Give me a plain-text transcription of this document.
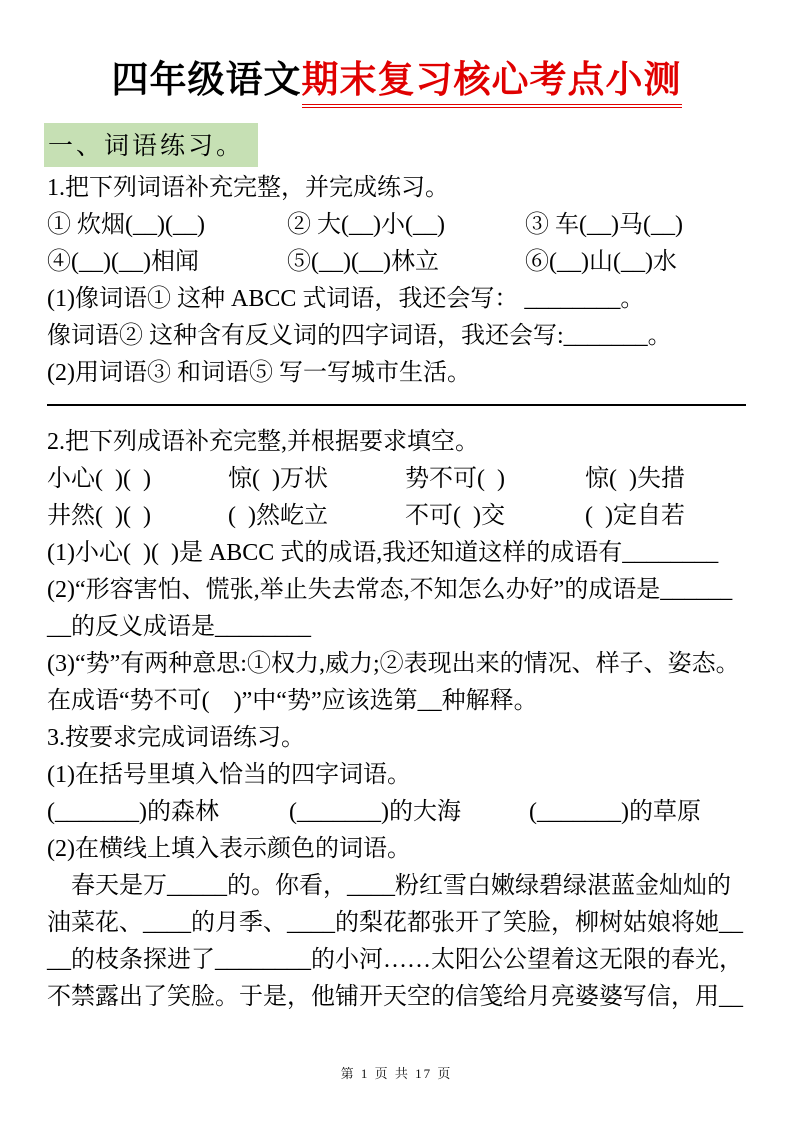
四年级语文期末复习核心考点小测
一、词语练习。
1.把下列词语补充完整，并完成练习。
① 炊烟(__)(__)	② 大(__)小(__)	③ 车(__)马(__)
④(__)(__)相闻	⑤(__)(__)林立	⑥(__)山(__)水
(1)像词语① 这种 ABCC 式词语，我还会写： ________。
像词语② 这种含有反义词的四字词语，我还会写:_______。
(2)用词语③ 和词语⑤ 写一写城市生活。
2.把下列成语补充完整,并根据要求填空。
小心(  )(  )	惊(  )万状	势不可(  )	惊(  )失措
井然(  )(  )	(  )然屹立	不可(  )交	(  )定自若
(1)小心(  )(  )是 ABCC 式的成语,我还知道这样的成语有________
(2)“形容害怕、慌张,举止失去常态,不知怎么办好”的成语是______
__的反义成语是________
(3)“势”有两种意思:①权力,威力;②表现出来的情况、样子、姿态。
在成语“势不可(    )”中“势”应该选第__种解释。
3.按要求完成词语练习。
(1)在括号里填入恰当的四字词语。
(_______)的森林	(_______)的大海	(_______)的草原
(2)在横线上填入表示颜色的词语。
春天是万_____的。你看，____粉红雪白嫩绿碧绿湛蓝金灿灿的
油菜花、____的月季、____的梨花都张开了笑脸，柳树姑娘将她__
__的枝条探进了________的小河……太阳公公望着这无限的春光，
不禁露出了笑脸。于是，他铺开天空的信笺给月亮婆婆写信，用__
第 1 页 共 17 页
